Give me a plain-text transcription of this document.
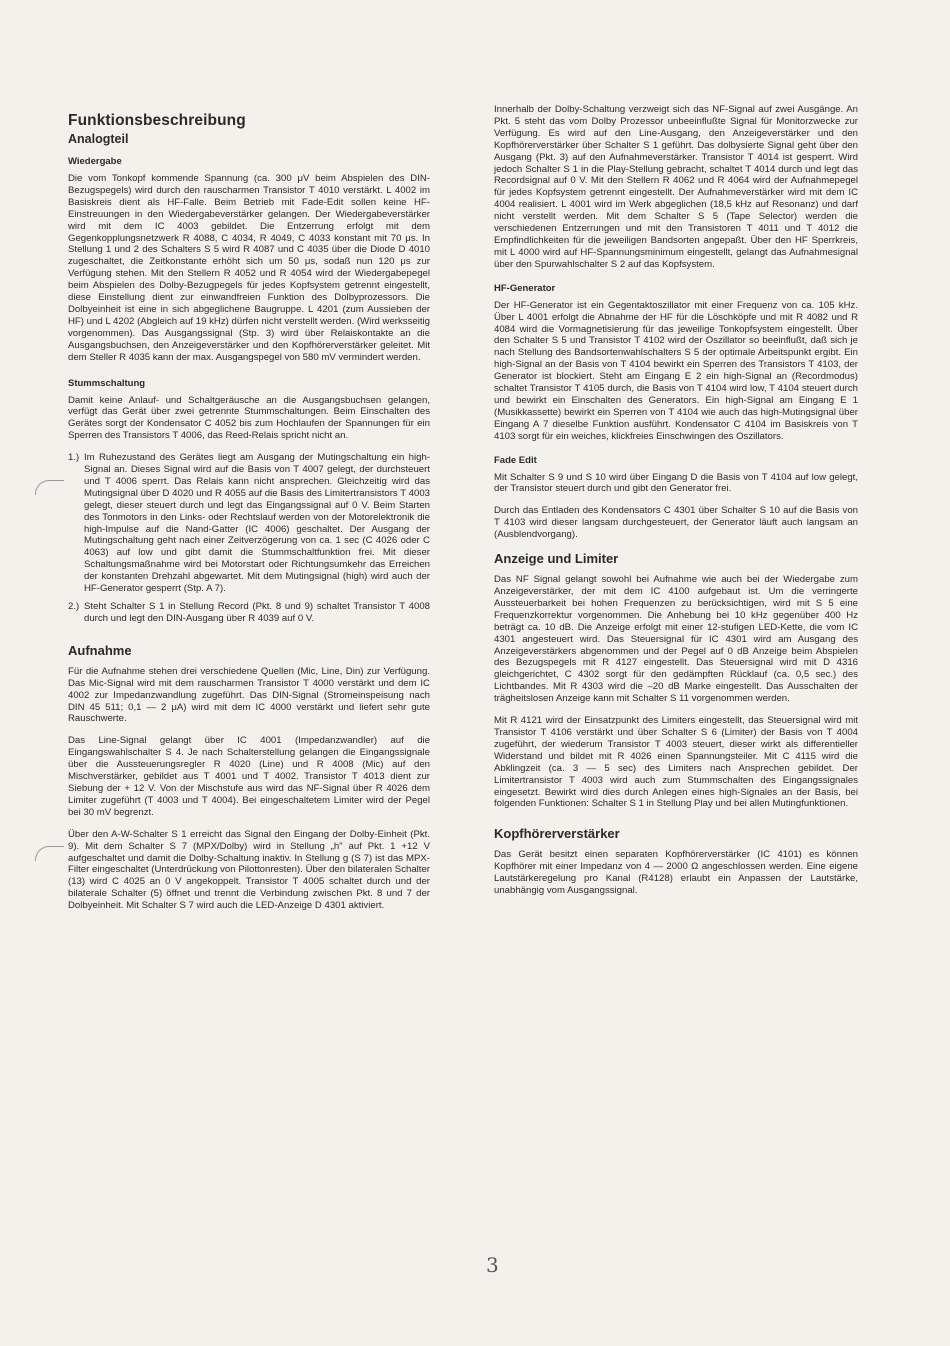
Funktionsbeschreibung
Analogteil
Wiedergabe

Die vom Tonkopf kommende Spannung (ca. 300 μV beim Abspielen des DIN-Bezugspegels) wird durch den rauscharmen Transistor T 4010 verstärkt. L 4002 im Basiskreis dient als HF-Falle. Beim Betrieb mit Fade-Edit sollen keine HF-Einstreuungen in den Wiedergabeverstärker gelangen. Der Wiedergabeverstärker wird mit dem IC 4003 gebildet. Die Entzerrung erfolgt mit dem Gegenkopplungsnetzwerk R 4088, C 4034, R 4049, C 4033 konstant mit 70 μs. In Stellung 1 und 2 des Schalters S 5 wird R 4087 und C 4035 über die Diode D 4010 zugeschaltet, die Zeitkonstante erhöht sich um 50 μs, sodaß nun 120 μs zur Verfügung stehen. Mit den Stellern R 4052 und R 4054 wird der Wiedergabepegel beim Abspielen des Dolby-Bezugpegels für jedes Kopfsystem getrennt eingestellt, diese Einstellung dient zur einwandfreien Funktion des Dolbyprozessors. Die Dolbyeinheit ist eine in sich abgeglichene Baugruppe. L 4201 (zum Aussieben der HF) und L 4202 (Abgleich auf 19 kHz) dürfen nicht verstellt werden. (Wird werksseitig vorgenommen). Das Ausgangssignal (Stp. 3) wird über Relaiskontakte an die Ausgangsbuchsen, den Anzeigeverstärker und den Kopfhörerverstärker geleitet. Mit dem Steller R 4035 kann der max. Ausgangspegel von 580 mV vermindert werden.

Stummschaltung

Damit keine Anlauf- und Schaltgeräusche an die Ausgangsbuchsen gelangen, verfügt das Gerät über zwei getrennte Stummschaltungen. Beim Einschalten des Gerätes sorgt der Kondensator C 4052 bis zum Hochlaufen der Spannungen für ein Sperren des Transistors T 4006, das Reed-Relais spricht nicht an.

1.) Im Ruhezustand des Gerätes liegt am Ausgang der Mutingschaltung ein high-Signal an. Dieses Signal wird auf die Basis von T 4007 gelegt, der durchsteuert und T 4006 sperrt. Das Relais kann nicht ansprechen. Gleichzeitig wird das Mutingsignal über D 4020 und R 4055 auf die Basis des Limitertransistors T 4003 gelegt, dieser steuert durch und legt das Eingangssignal auf 0 V. Beim Starten des Tonmotors in den Links- oder Rechtslauf werden von der Motorelektronik die high-Impulse auf die Nand-Gatter (IC 4006) geschaltet. Der Ausgang der Mutingschaltung geht nach einer Zeitverzögerung von ca. 1 sec (C 4026 oder C 4063) auf low und gibt damit die Stummschaltfunktion frei. Mit dieser Schaltungsmaßnahme wird bei Motorstart oder Richtungsumkehr das Erreichen der konstanten Drehzahl abgewartet. Mit dem Mutingsignal (high) wird auch der HF-Generator gesperrt (Stp. A 7).

2.) Steht Schalter S 1 in Stellung Record (Pkt. 8 und 9) schaltet Transistor T 4008 durch und legt den DIN-Ausgang über R 4039 auf 0 V.

Aufnahme

Für die Aufnahme stehen drei verschiedene Quellen (Mic, Line, Din) zur Verfügung. Das Mic-Signal wird mit dem rauscharmen Transistor T 4000 verstärkt und dem IC 4002 zur Impedanzwandlung zugeführt. Das DIN-Signal (Stromeinspeisung nach DIN 45 511; 0,1 — 2 μA) wird mit dem IC 4000 verstärkt und liefert sehr gute Rauschwerte.

Das Line-Signal gelangt über IC 4001 (Impedanzwandler) auf die Eingangswahlschalter S 4. Je nach Schalterstellung gelangen die Eingangssignale über die Aussteuerungsregler R 4020 (Line) und R 4008 (Mic) auf den Mischverstärker, gebildet aus T 4001 und T 4002. Transistor T 4013 dient zur Siebung der + 12 V. Von der Mischstufe aus wird das NF-Signal über R 4026 dem Limiter zugeführt (T 4003 und T 4004). Bei eingeschaltetem Limiter wird der Pegel bei 30 mV begrenzt.

Über den A-W-Schalter S 1 erreicht das Signal den Eingang der Dolby-Einheit (Pkt. 9). Mit dem Schalter S 7 (MPX/Dolby) wird in Stellung „h" auf Pkt. 1 +12 V aufgeschaltet und damit die Dolby-Schaltung inaktiv. In Stellung g (S 7) ist das MPX-Filter eingeschaltet (Unterdrückung von Pilottonresten). Über den bilateralen Schalter (13) wird C 4025 an 0 V angekoppelt. Transistor T 4005 schaltet durch und der bilaterale Schalter (5) öffnet und trennt die Verbindung zwischen Pkt. 8 und 7 der Dolbyeinheit. Mit Schalter S 7 wird auch die LED-Anzeige D 4301 aktiviert.

Innerhalb der Dolby-Schaltung verzweigt sich das NF-Signal auf zwei Ausgänge. An Pkt. 5 steht das vom Dolby Prozessor unbeeinflußte Signal für Monitorzwecke zur Verfügung. Es wird auf den Line-Ausgang, den Anzeigeverstärker und den Kopfhörerverstärker über Schalter S 1 geführt. Das dolbysierte Signal geht über den Ausgang (Pkt. 3) auf den Aufnahmeverstärker. Transistor T 4014 ist gesperrt. Wird jedoch Schalter S 1 in die Play-Stellung gebracht, schaltet T 4014 durch und legt das Recordsignal auf 0 V. Mit den Stellern R 4062 und R 4064 wird der Aufnahmepegel für jedes Kopfsystem getrennt eingestellt. Der Aufnahmeverstärker wird mit dem IC 4004 realisiert. L 4001 wird im Werk abgeglichen (18,5 kHz auf Resonanz) und darf nicht verstellt werden. Mit dem Schalter S 5 (Tape Selector) werden die verschiedenen Entzerrungen und mit den Transistoren T 4011 und T 4012 die Empfindlichkeiten für die jeweiligen Bandsorten angepaßt. Über den HF Sperrkreis, mit L 4000 wird auf HF-Spannungsminimum eingestellt, gelangt das Aufnahmesignal über den Spurwahlschalter S 2 auf das Kopfsystem.

HF-Generator

Der HF-Generator ist ein Gegentaktoszillator mit einer Frequenz von ca. 105 kHz. Über L 4001 erfolgt die Abnahme der HF für die Löschköpfe und mit R 4082 und R 4084 wird die Vormagnetisierung für das jeweilige Tonkopfsystem eingestellt. Über den Schalter S 5 und Transistor T 4102 wird der Oszillator so beeinflußt, daß sich je nach Stellung des Bandsortenwahlschalters S 5 der optimale Arbeitspunkt ergibt. Ein high-Signal an der Basis von T 4104 bewirkt ein Sperren des Transistors T 4103, der Generator ist blockiert. Steht am Eingang E 2 ein high-Signal an (Recordmodus) schaltet Transistor T 4105 durch, die Basis von T 4104 wird low, T 4104 steuert durch und bewirkt ein Einschalten des Generators. Ein high-Signal am Eingang E 1 (Musikkassette) bewirkt ein Sperren von T 4104 wie auch das high-Mutingsignal über Eingang A 7 dieselbe Funktion ausführt. Kondensator C 4104 im Basiskreis von T 4103 sorgt für ein weiches, klickfreies Einschwingen des Oszillators.

Fade Edit

Mit Schalter S 9 und S 10 wird über Eingang D die Basis von T 4104 auf low gelegt, der Transistor steuert durch und gibt den Generator frei.

Durch das Entladen des Kondensators C 4301 über Schalter S 10 auf die Basis von T 4103 wird dieser langsam durchgesteuert, der Generator läuft auch langsam an (Ausblendvorgang).

Anzeige und Limiter

Das NF Signal gelangt sowohl bei Aufnahme wie auch bei der Wiedergabe zum Anzeigeverstärker, der mit dem IC 4100 aufgebaut ist. Um die verringerte Aussteuerbarkeit bei hohen Frequenzen zu berücksichtigen, wird mit S 5 eine Frequenzkorrektur vorgenommen. Die Anhebung bei 10 kHz gegenüber 400 Hz beträgt ca. 10 dB. Die Anzeige erfolgt mit einer 12-stufigen LED-Kette, die vom IC 4301 angesteuert wird. Das Steuersignal für IC 4301 wird am Ausgang des Anzeigeverstärkers abgenommen und der Pegel auf 0 dB Anzeige beim Abspielen des Bezugspegels mit R 4127 eingestellt. Das Steuersignal wird mit D 4316 gleichgerichtet, C 4302 sorgt für den gedämpften Rücklauf (ca. 0,5 sec.) des Lichtbandes. Mit R 4303 wird die –20 dB Marke eingestellt. Das Ausschalten der trägheitslosen Anzeige kann mit Schalter S 11 vorgenommen werden.

Mit R 4121 wird der Einsatzpunkt des Limiters eingestellt, das Steuersignal wird mit Transistor T 4106 verstärkt und über Schalter S 6 (Limiter) der Basis von T 4004 zugeführt, der wiederum Transistor T 4003 steuert, dieser wirkt als differentieller Widerstand und bildet mit R 4026 einen Spannungsteiler. Mit C 4115 wird die Abklingzeit (ca. 3 — 5 sec) des Limiters nach Ansprechen gebildet. Der Limitertransistor T 4003 wird auch zum Stummschalten des Eingangssignales eingesetzt. Bewirkt wird dies durch Anlegen eines high-Signales an der Basis, bei folgenden Funktionen: Schalter S 1 in Stellung Play und bei allen Mutingfunktionen.

Kopfhörerverstärker

Das Gerät besitzt einen separaten Kopfhörerverstärker (IC 4101) es können Kopfhörer mit einer Impedanz von 4 — 2000 Ω angeschlossen werden. Eine eigene Lautstärkeregelung pro Kanal (R4128) erlaubt ein Anpassen der Lautstärke, unabhängig vom Ausgangssignal.

3
